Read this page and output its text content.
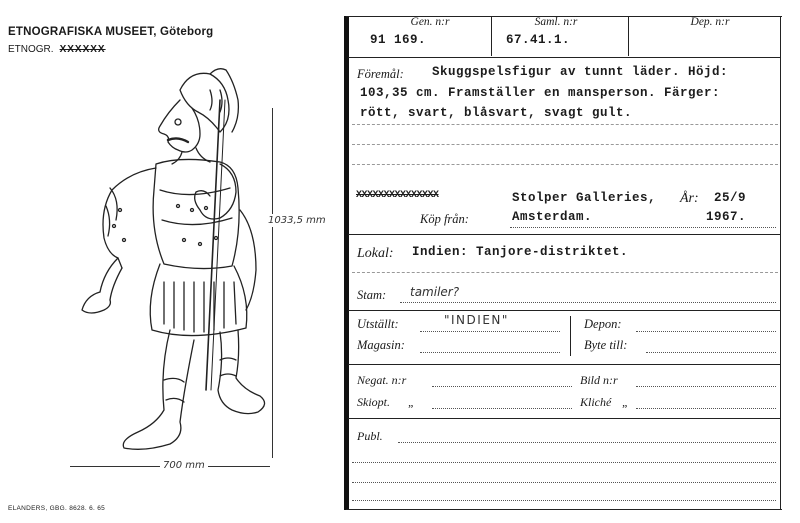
ETNOGRAFISKA MUSEET, Göteborg
ETNOGR. XXXXXX
1033,5 mm
700 mm
ELANDERS, GBG. 8628. 6. 65
Gen. n:r
91 169.
Saml. n:r
67.41.1.
Dep. n:r
Föremål: Skuggspelsfigur av tunnt läder. Höjd:
103,35 cm. Framställer en mansperson. Färger:
rött, svart, blåsvart, svagt gult.
XXXXXXXXXXXXXXX	Stolper Galleries, År: 25/9
Köp från:	Amsterdam.	1967.
Lokal: Indien: Tanjore-distriktet.
Stam: tamiler?
Utställt:	"INDIEN"	Depon:
Magasin:	Byte till:
Negat. n:r	Bild n:r
Skiopt. „	Kliché „
Publ.
